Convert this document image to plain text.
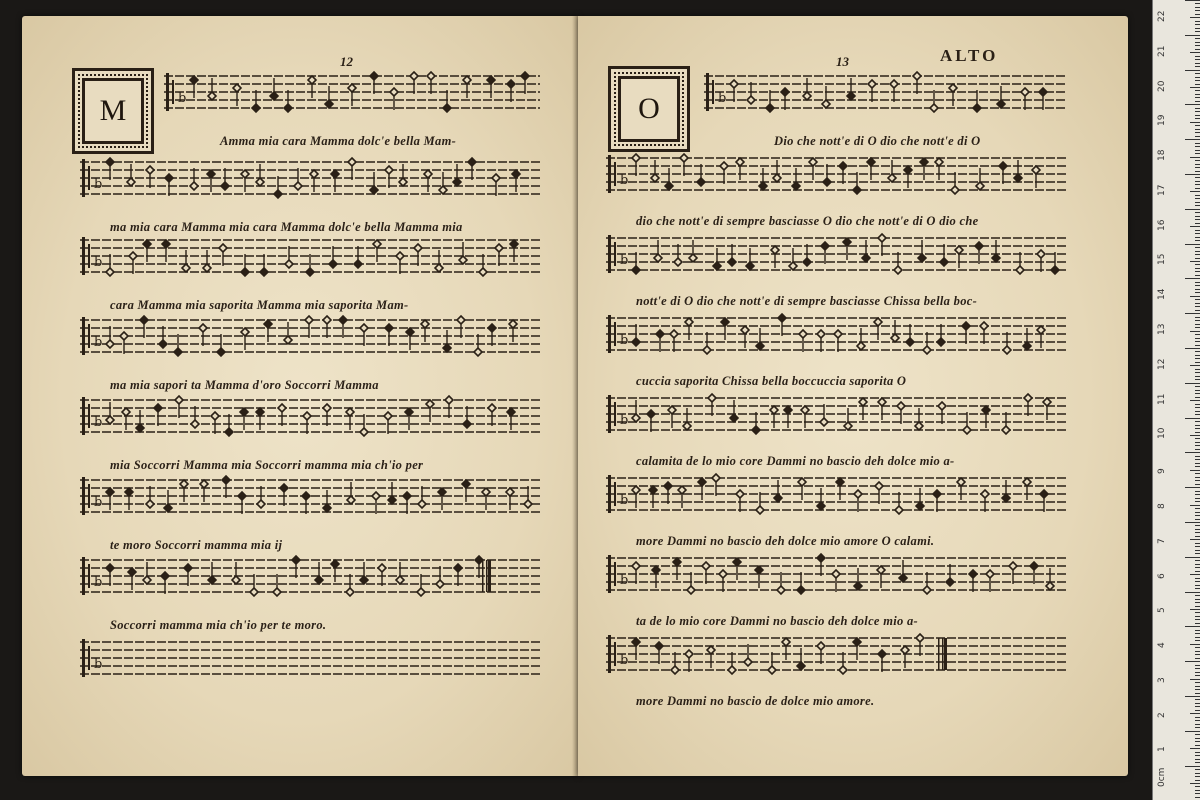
12
M	b
Amma mia cara Mamma dolc'e bella Mam-
b
ma mia cara Mamma mia cara Mamma dolc'e bella Mamma mia
b
cara Mamma mia saporita Mamma mia saporita Mam-
b
ma mia sapori ta Mamma d'oro Soccorri Mamma
b
mia Soccorri Mamma mia Soccorri mamma mia ch'io per
b
te moro Soccorri mamma mia ij
b
Soccorri mamma mia ch'io per te moro.
b
13	ALTO
O	b
Dio che nott'e di O dio che nott'e di O
b
dio che nott'e di sempre basciasse O dio che nott'e di O dio che
b
nott'e di O dio che nott'e di sempre basciasse Chissa bella boc-
b
cuccia saporita Chissa bella boccuccia saporita O
b
calamita de lo mio core Dammi no bascio deh dolce mio a-
b
more Dammi no bascio deh dolce mio amore O calami.
b
ta de lo mio core Dammi no bascio deh dolce mio a-
b
more Dammi no bascio de dolce mio amore.
22
21
20
19
18
17
16
15
14
13
12
11
10
9
8
7
6
5
4
3
2
1
0cm
